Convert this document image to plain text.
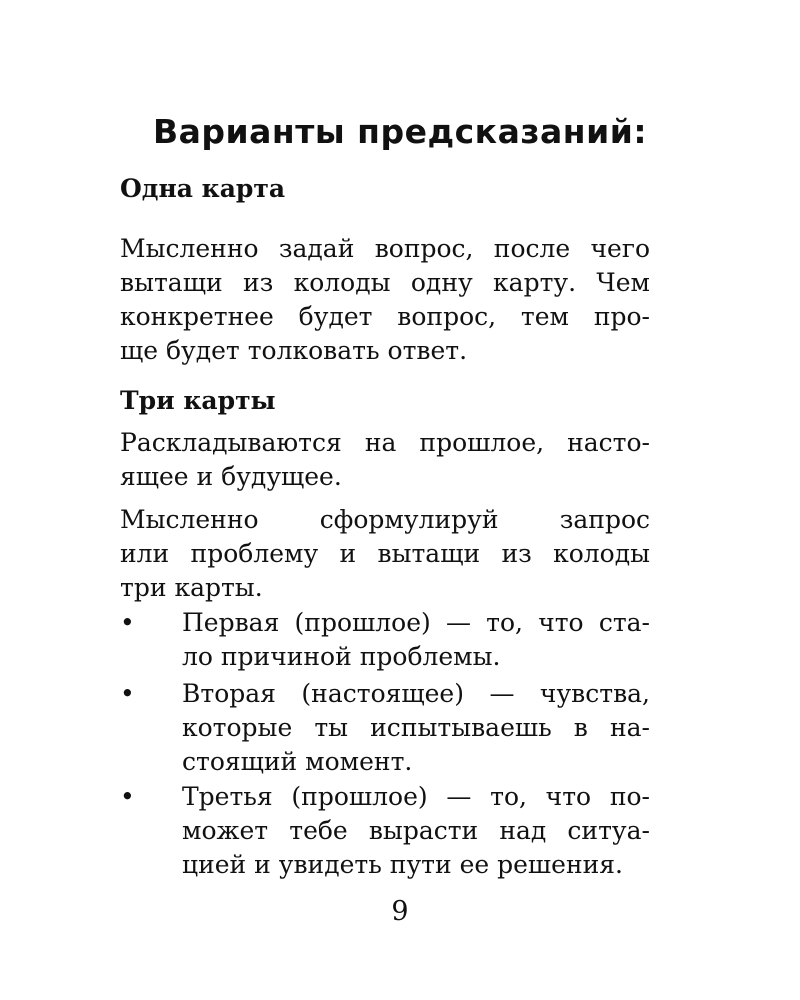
Варианты предсказаний:
Одна карта
Мысленно задай вопрос, после чего
вытащи из колоды одну карту. Чем
конкретнее будет вопрос, тем про-
ще будет толковать ответ.
Три карты
Раскладываются на прошлое, насто-
ящее и будущее.
Мысленно сформулируй запрос
или проблему и вытащи из колоды
три карты.
• Первая (прошлое) — то, что ста-
ло причиной проблемы.
• Вторая (настоящее) — чувства,
которые ты испытываешь в на-
стоящий момент.
• Третья (прошлое) — то, что по-
может тебе вырасти над ситуа-
цией и увидеть пути ее решения.
9
